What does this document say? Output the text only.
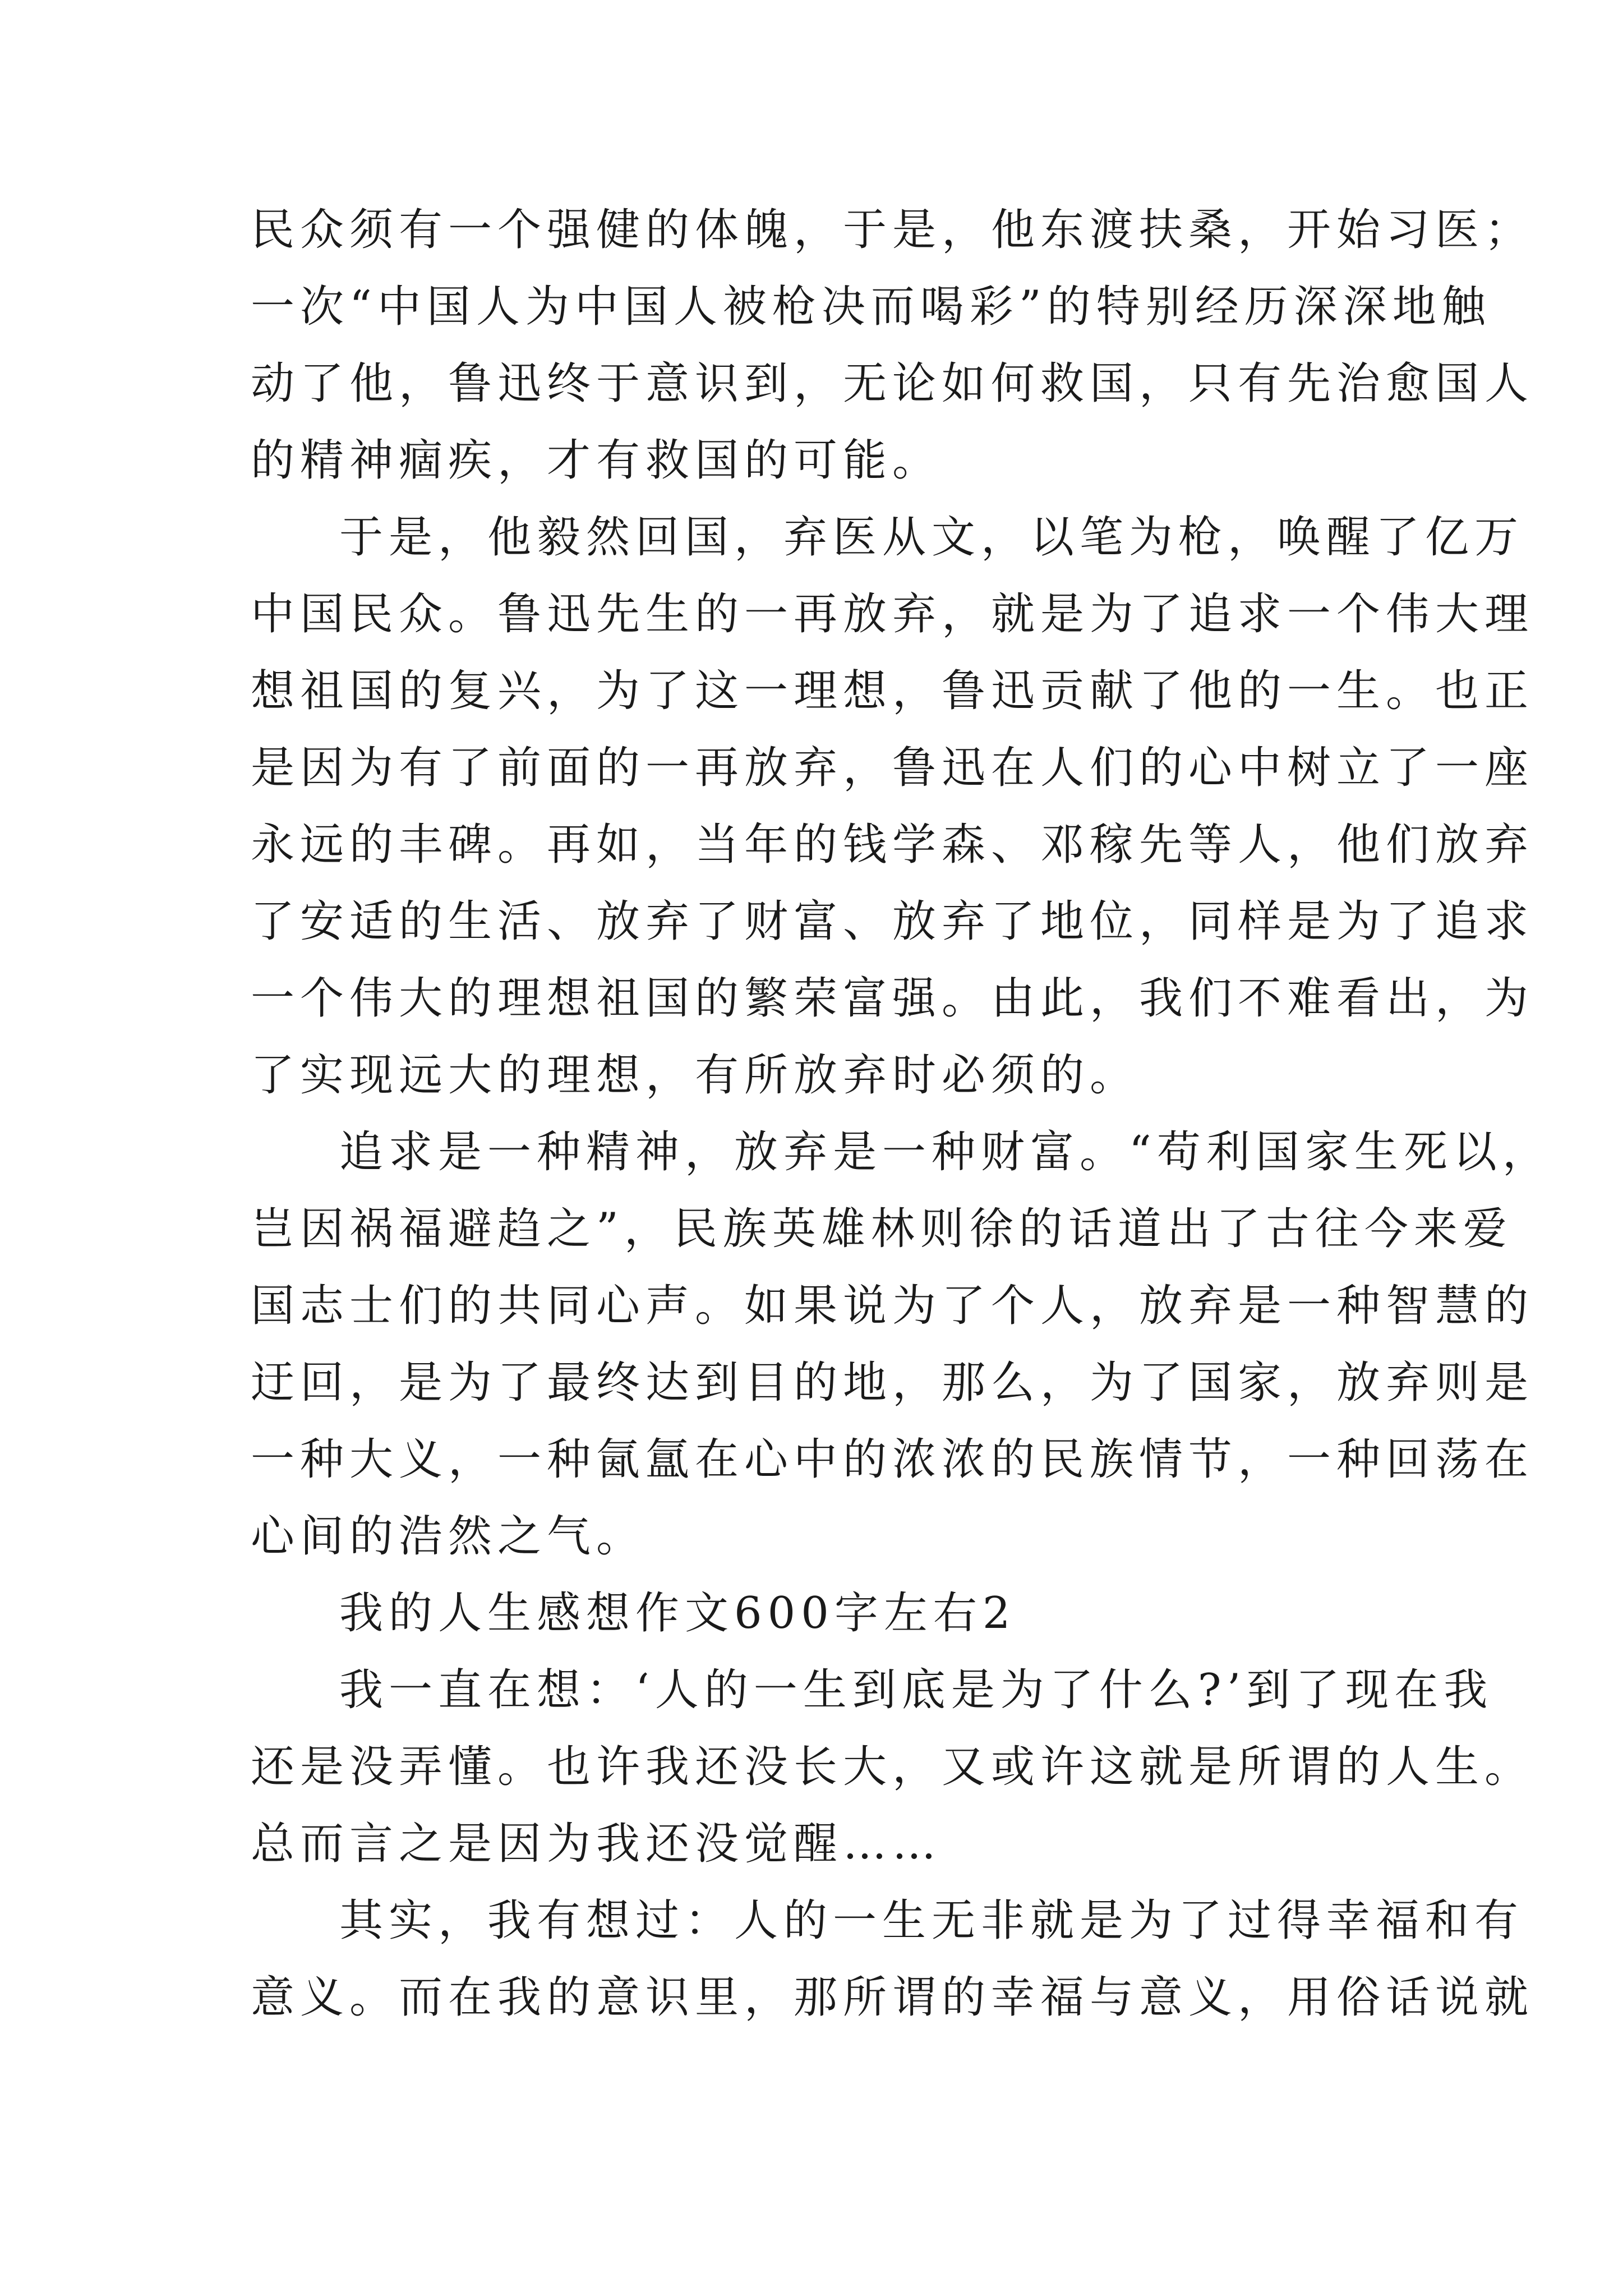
民众须有一个强健的体魄，于是，他东渡扶桑，开始习医；
一次“中国人为中国人被枪决而喝彩”的特别经历深深地触
动了他，鲁迅终于意识到，无论如何救国，只有先治愈国人
的精神痼疾，才有救国的可能。
于是，他毅然回国，弃医从文，以笔为枪，唤醒了亿万
中国民众。鲁迅先生的一再放弃，就是为了追求一个伟大理
想祖国的复兴，为了这一理想，鲁迅贡献了他的一生。也正
是因为有了前面的一再放弃，鲁迅在人们的心中树立了一座
永远的丰碑。再如，当年的钱学森、邓稼先等人，他们放弃
了安适的生活、放弃了财富、放弃了地位，同样是为了追求
一个伟大的理想祖国的繁荣富强。由此，我们不难看出，为
了实现远大的理想，有所放弃时必须的。
追求是一种精神，放弃是一种财富。“苟利国家生死以，
岂因祸福避趋之”，民族英雄林则徐的话道出了古往今来爱
国志士们的共同心声。如果说为了个人，放弃是一种智慧的
迂回，是为了最终达到目的地，那么，为了国家，放弃则是
一种大义，一种氤氲在心中的浓浓的民族情节，一种回荡在
心间的浩然之气。
我的人生感想作文600字左右2
我一直在想：‘人的一生到底是为了什么?’到了现在我
还是没弄懂。也许我还没长大，又或许这就是所谓的人生。
总而言之是因为我还没觉醒……
其实，我有想过：人的一生无非就是为了过得幸福和有
意义。而在我的意识里，那所谓的幸福与意义，用俗话说就
